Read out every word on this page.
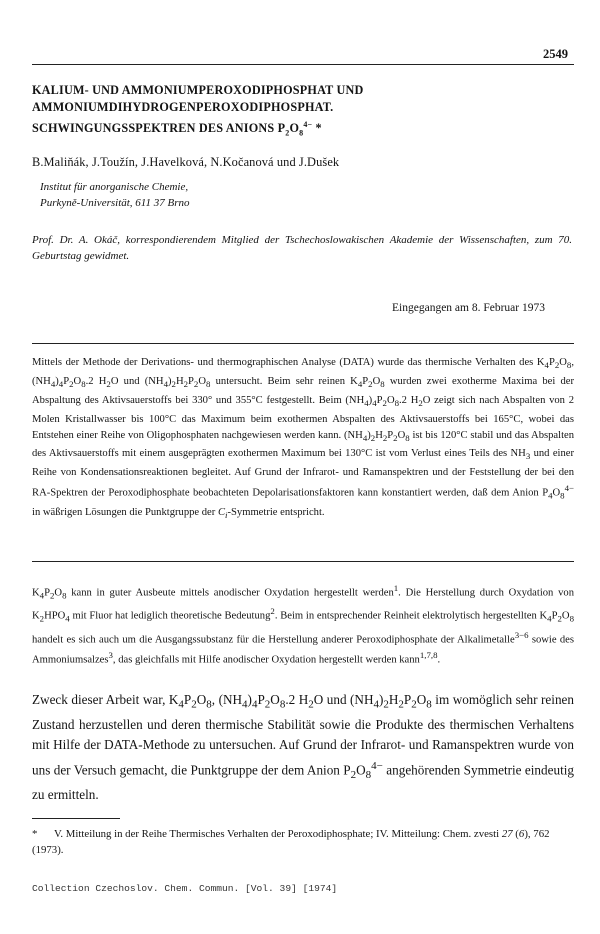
2549
KALIUM- UND AMMONIUMPEROXODIPHOSPHAT UND
AMMONIUMDIHYDROGENPEROXODIPHOSPHAT.
SCHWINGUNGSSPEKTREN DES ANIONS $P_2O_8^{4-}$ *
B.Maliňák, J.Toužín, J.Havelková, N.Kočanová und J.Dušek
Institut für anorganische Chemie,
Purkyně-Universität, 611 37 Brno
Prof. Dr. A. Okáč, korrespondierendem Mitglied der Tschechoslowakischen Akademie der Wissenschaften, zum 70. Geburtstag gewidmet.
Eingegangen am 8. Februar 1973

Mittels der Methode der Derivations- und thermographischen Analyse (DATA) wurde das thermische Verhalten des $K_4P_2O_8$, $(NH_4)_4P_2O_8.2$ $H_2O$ und $(NH_4)_2H_2P_2O_8$ untersucht. Beim sehr reinen $K_4P_2O_8$ wurden zwei exotherme Maxima bei der Abspaltung des Aktivsauerstoffs bei 330° und 355°C festgestellt. Beim $(NH_4)_4P_2O_8.2$ $H_2O$ zeigt sich nach Abspalten von 2 Molen Kristallwasser bis 100°C das Maximum beim exothermen Abspalten des Aktivsauerstoffs bei 165°C, wobei das Entstehen einer Reihe von Oligophosphaten nachgewiesen werden kann. $(NH_4)_2H_2P_2O_8$ ist bis 120°C stabil und das Abspalten des Aktivsauerstoffs mit einem ausgeprägten exothermen Maximum bei 130°C ist vom Verlust eines Teils des $NH_3$ und einer Reihe von Kondensationsreaktionen begleitet. Auf Grund der Infrarot- und Ramanspektren und der Feststellung der bei den RA-Spektren der Peroxodiphosphate beobachteten Depolarisationsfaktoren kann konstantiert werden, daß dem Anion $P_4O_8^{4-}$ in wäßrigen Lösungen die Punktgruppe der $C_i$-Symmetrie entspricht.

$K_4P_2O_8$ kann in guter Ausbeute mittels anodischer Oxydation hergestellt werden$^1$. Die Herstellung durch Oxydation von $K_2HPO_4$ mit Fluor hat lediglich theoretische Bedeutung$^2$. Beim in entsprechender Reinheit elektrolytisch hergestellten $K_4P_2O_8$ handelt es sich auch um die Ausgangssubstanz für die Herstellung anderer Peroxodiphosphate der Alkalimetalle$^{3-6}$ sowie des Ammoniumsalzes$^3$, das gleichfalls mit Hilfe anodischer Oxydation hergestellt werden kann$^{1,7,8}$.

Zweck dieser Arbeit war, $K_4P_2O_8$, $(NH_4)_4P_2O_8.2$ $H_2O$ und $(NH_4)_2H_2P_2O_8$ im womöglich sehr reinen Zustand herzustellen und deren thermische Stabilität sowie die Produkte des thermischen Verhaltens mit Hilfe der DATA-Methode zu untersuchen. Auf Grund der Infrarot- und Ramanspektren wurde von uns der Versuch gemacht, die Punktgruppe der dem Anion $P_2O_8^{4-}$ angehörenden Symmetrie eindeutig zu ermitteln.

* V. Mitteilung in der Reihe Thermisches Verhalten der Peroxodiphosphate; IV. Mitteilung: Chem. zvesti 27 (6), 762 (1973).

Collection Czechoslov. Chem. Commun. [Vol. 39] [1974]
